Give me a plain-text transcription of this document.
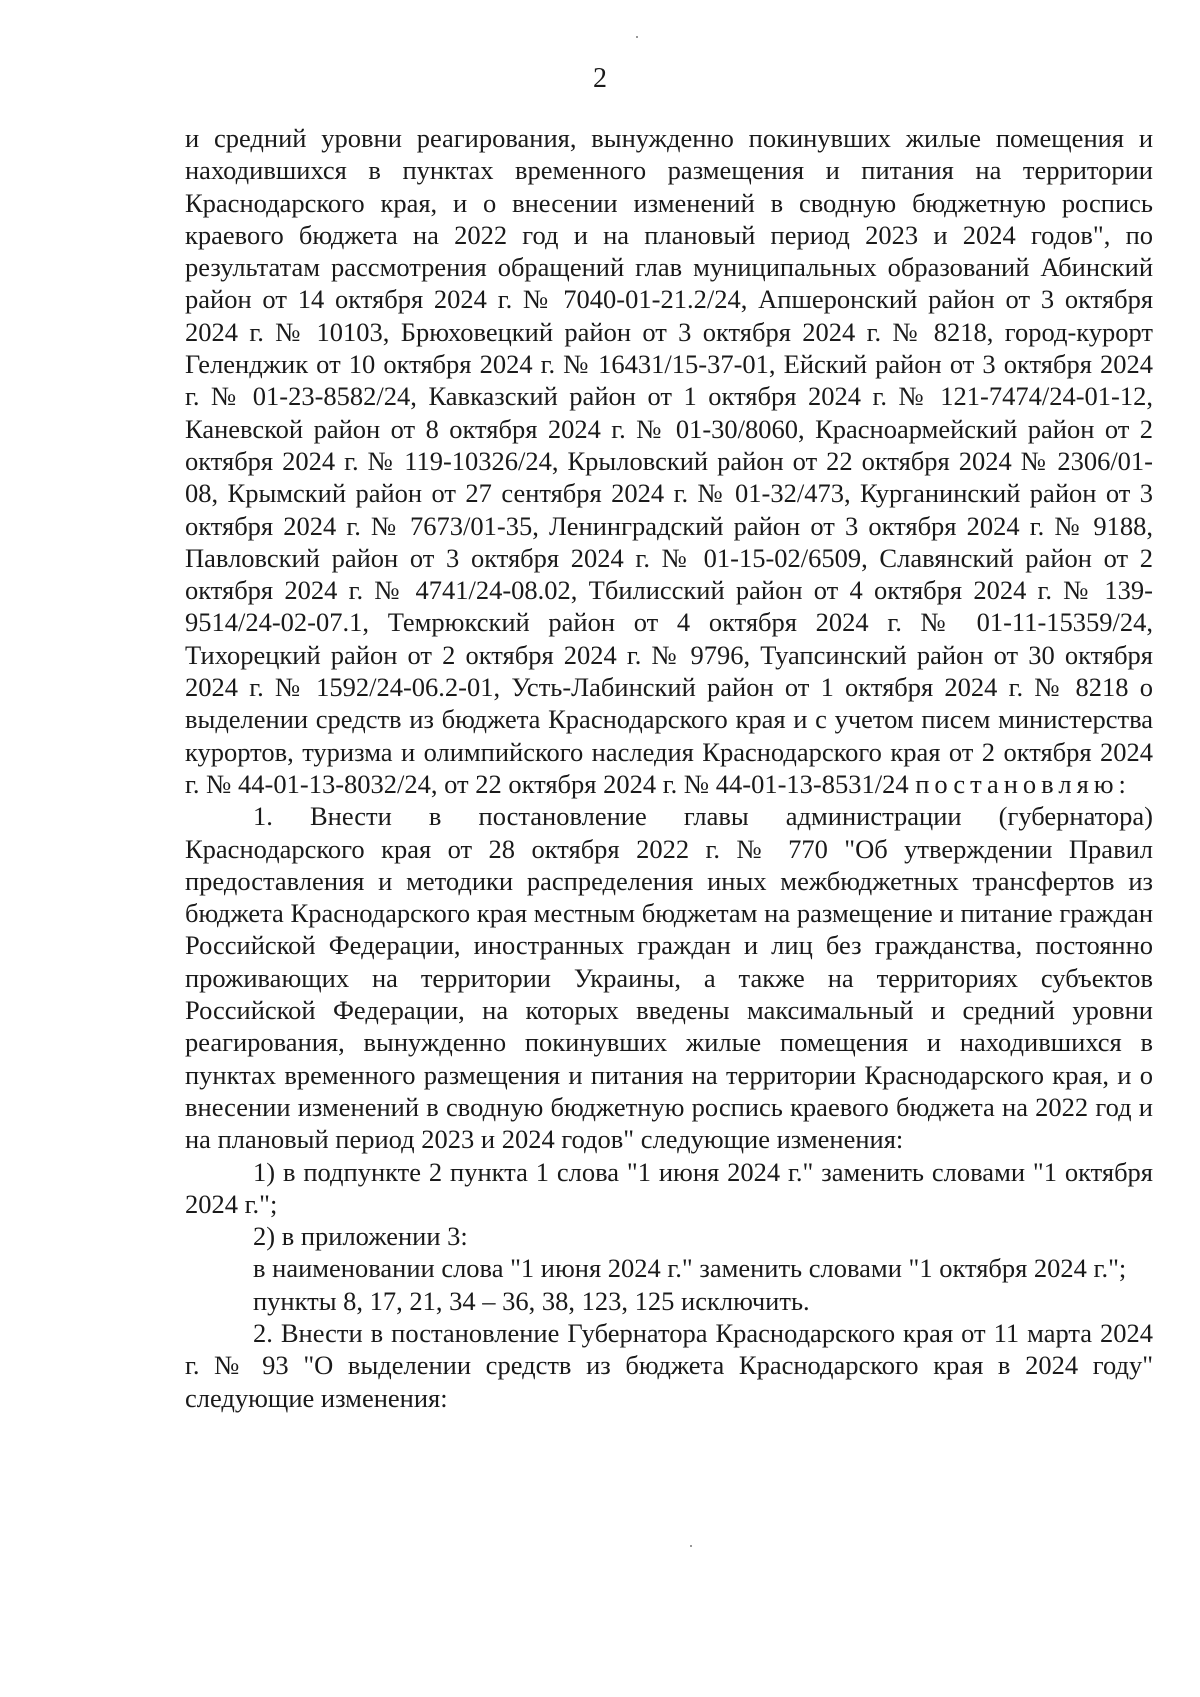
2

и средний уровни реагирования, вынужденно покинувших жилые помещения и находившихся в пунктах временного размещения и питания на территории Краснодарского края, и о внесении изменений в сводную бюджетную роспись краевого бюджета на 2022 год и на плановый период 2023 и 2024 годов", по результатам рассмотрения обращений глав муниципальных образований Абинский район от 14 октября 2024 г. № 7040-01-21.2/24, Апшеронский район от 3 октября 2024 г. № 10103, Брюховецкий район от 3 октября 2024 г. № 8218, город-курорт Геленджик от 10 октября 2024 г. № 16431/15-37-01, Ейский район от 3 октября 2024 г. № 01-23-8582/24, Кавказский район от 1 октября 2024 г. № 121-7474/24-01-12, Каневской район от 8 октября 2024 г. № 01-30/8060, Красноармейский район от 2 октября 2024 г. № 119-10326/24, Крыловский район от 22 октября 2024 № 2306/01-08, Крымский район от 27 сентября 2024 г. № 01-32/473, Курганинский район от 3 октября 2024 г. № 7673/01-35, Ленинградский район от 3 октября 2024 г. № 9188, Павловский район от 3 октября 2024 г. № 01-15-02/6509, Славянский район от 2 октября 2024 г. № 4741/24-08.02, Тбилисский район от 4 октября 2024 г. № 139-9514/24-02-07.1, Темрюкский район от 4 октября 2024 г. № 01-11-15359/24, Тихорецкий район от 2 октября 2024 г. № 9796, Туапсинский район от 30 октября 2024 г. № 1592/24-06.2-01, Усть-Лабинский район от 1 октября 2024 г. № 8218 о выделении средств из бюджета Краснодарского края и с учетом писем министерства курортов, туризма и олимпийского наследия Краснодарского края от 2 октября 2024 г. № 44-01-13-8032/24, от 22 октября 2024 г. № 44-01-13-8531/24 постановляю:

1. Внести в постановление главы администрации (губернатора) Краснодарского края от 28 октября 2022 г. № 770 "Об утверждении Правил предоставления и методики распределения иных межбюджетных трансфертов из бюджета Краснодарского края местным бюджетам на размещение и питание граждан Российской Федерации, иностранных граждан и лиц без гражданства, постоянно проживающих на территории Украины, а также на территориях субъектов Российской Федерации, на которых введены максимальный и средний уровни реагирования, вынужденно покинувших жилые помещения и находившихся в пунктах временного размещения и питания на территории Краснодарского края, и о внесении изменений в сводную бюджетную роспись краевого бюджета на 2022 год и на плановый период 2023 и 2024 годов" следующие изменения:

1) в подпункте 2 пункта 1 слова "1 июня 2024 г." заменить словами "1 октября 2024 г.";

2) в приложении 3:

в наименовании слова "1 июня 2024 г." заменить словами "1 октября 2024 г.";

пункты 8, 17, 21, 34 – 36, 38, 123, 125 исключить.

2. Внести в постановление Губернатора Краснодарского края от 11 марта 2024 г. № 93 "О выделении средств из бюджета Краснодарского края в 2024 году" следующие изменения:
